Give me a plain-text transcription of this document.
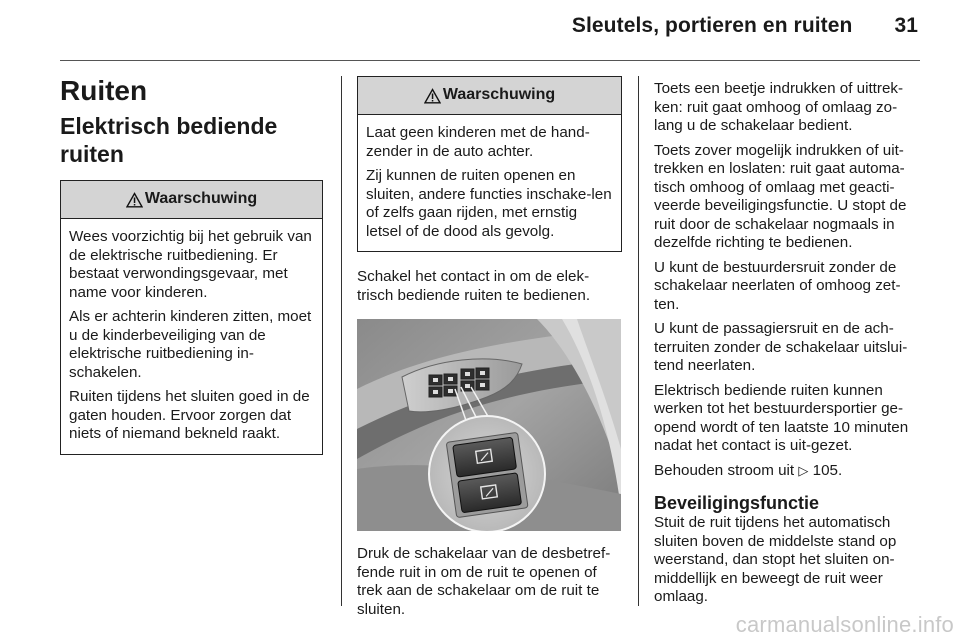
Sleutels, portieren en ruiten 31
Ruiten
Elektrisch bediende ruiten
Waarschuwing

Wees voorzichtig bij het gebruik van de elektrische ruitbediening. Er bestaat verwondingsgevaar, met name voor kinderen.

Als er achterin kinderen zitten, moet u de kinderbeveiliging van de elektrische ruitbediening in-schakelen.

Ruiten tijdens het sluiten goed in de gaten houden. Ervoor zorgen dat niets of niemand bekneld raakt.

Waarschuwing

Laat geen kinderen met de hand-zender in de auto achter.

Zij kunnen de ruiten openen en sluiten, andere functies inschake-len of zelfs gaan rijden, met ernstig letsel of de dood als gevolg.

Schakel het contact in om de elek-trisch bediende ruiten te bedienen.

Druk de schakelaar van de desbetref-fende ruit in om de ruit te openen of trek aan de schakelaar om de ruit te sluiten.

Toets een beetje indrukken of uittrek-ken: ruit gaat omhoog of omlaag zo-lang u de schakelaar bedient.

Toets zover mogelijk indrukken of uit-trekken en loslaten: ruit gaat automa-tisch omhoog of omlaag met geacti-veerde beveiligingsfunctie. U stopt de ruit door de schakelaar nogmaals in dezelfde richting te bedienen.

U kunt de bestuurdersruit zonder de schakelaar neerlaten of omhoog zet-ten.

U kunt de passagiersruit en de ach-terruiten zonder de schakelaar uitslui-tend neerlaten.

Elektrisch bediende ruiten kunnen werken tot het bestuurdersportier ge-opend wordt of ten laatste 10 minuten nadat het contact is uit-gezet.

Behouden stroom uit ▷ 105.

Beveiligingsfunctie

Stuit de ruit tijdens het automatisch sluiten boven de middelste stand op weerstand, dan stopt het sluiten on-middellijk en beweegt de ruit weer omlaag.

carmanualsonline.info
